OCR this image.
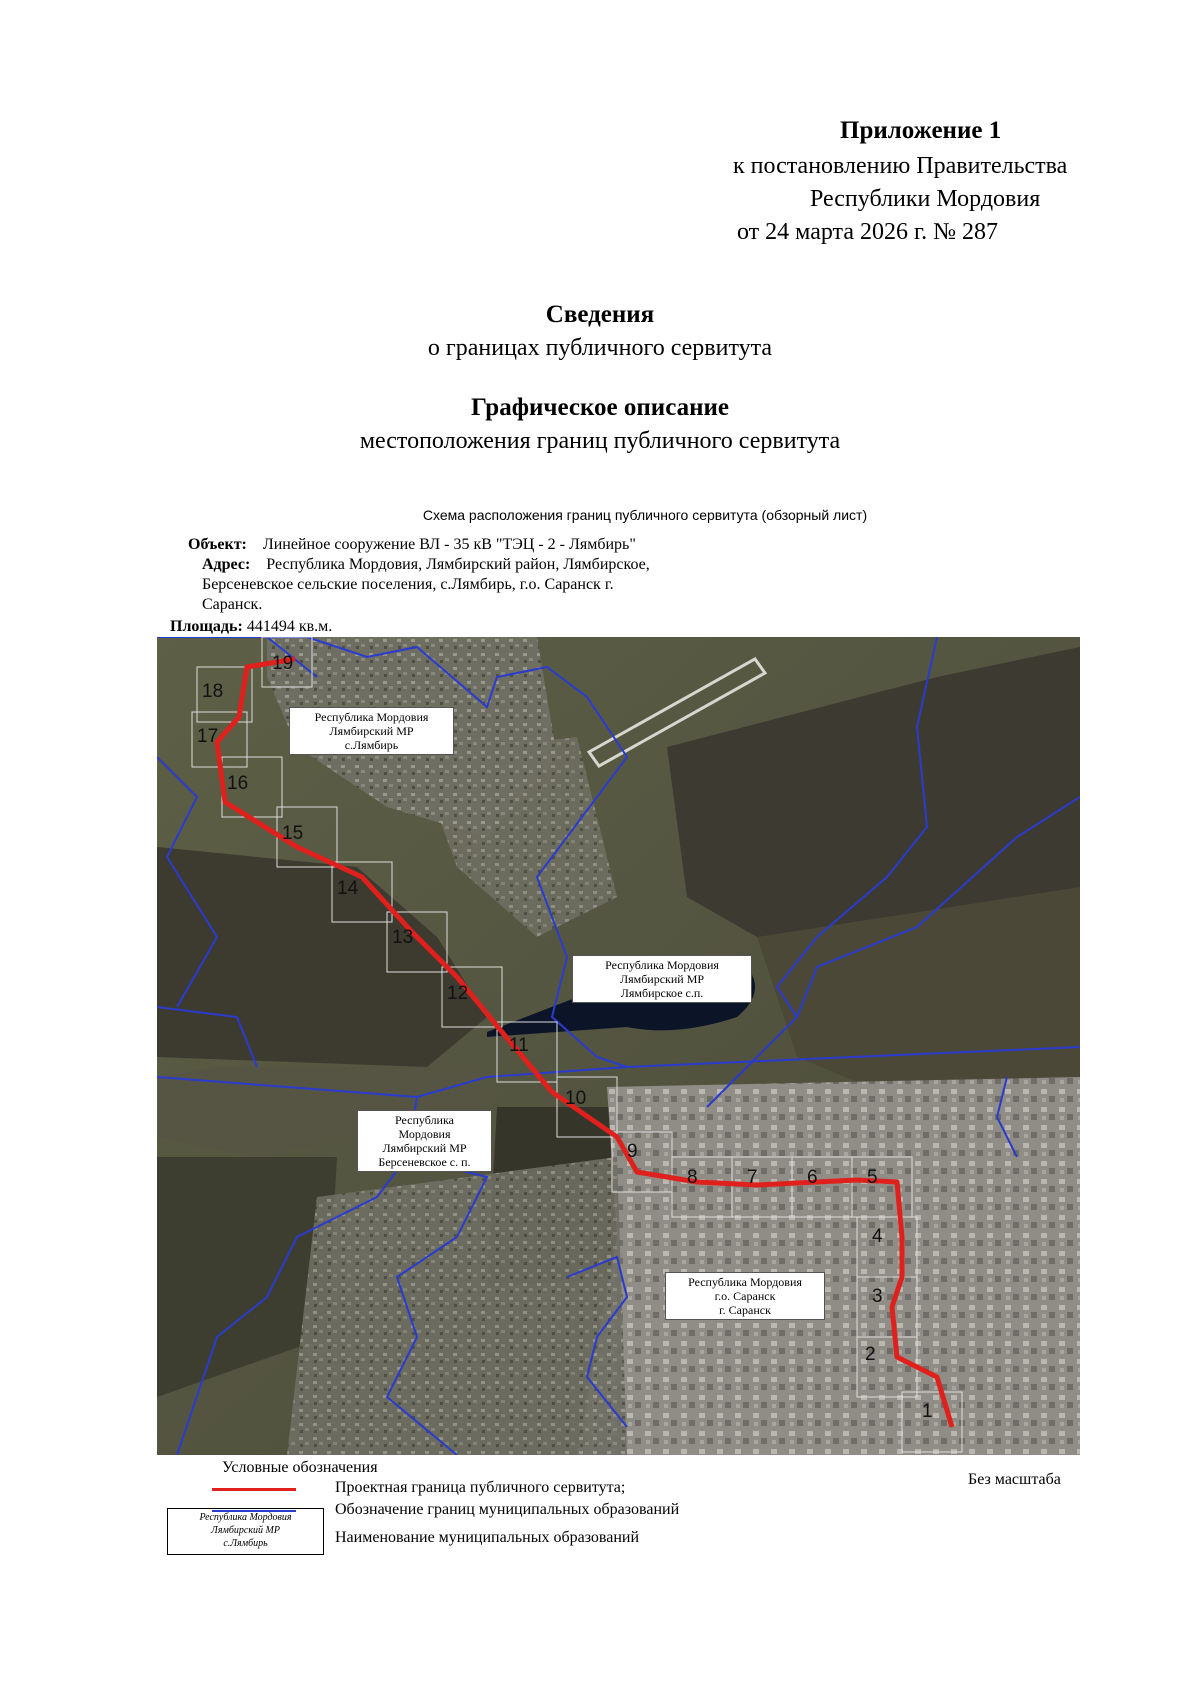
Приложение 1
к постановлению Правительства
Республики Мордовия
от 24 марта 2026 г. № 287
Сведения
о границах публичного сервитута
Графическое описание
местоположения границ публичного сервитута
Схема расположения границ публичного сервитута (обзорный лист)
Объект: Линейное сооружение ВЛ - 35 кВ "ТЭЦ - 2 - Лямбирь"
Адрес: Республика Мордовия, Лямбирский район, Лямбирское,
Берсеневское сельские поселения, с.Лямбирь, г.о. Саранск г.
Саранск.
Площадь: 441494 кв.м.
19
18
17
16
15
14
13
12
11
10
9
8	7	6	5
4
3
2
1
Республика Мордовия
Лямбирский МР
с.Лямбирь
Республика Мордовия
Лямбирский МР
Лямбирское с.п.
Республика
Мордовия
Лямбирский МР
Берсеневское с. п.
Республика Мордовия
г.о. Саранск
г. Саранск
Условные обозначения
Проектная граница публичного сервитута;
Обозначение границ муниципальных образований
Республика Мордовия
Лямбирский МР
с.Лямбирь	Наименование муниципальных образований
Без масштаба
